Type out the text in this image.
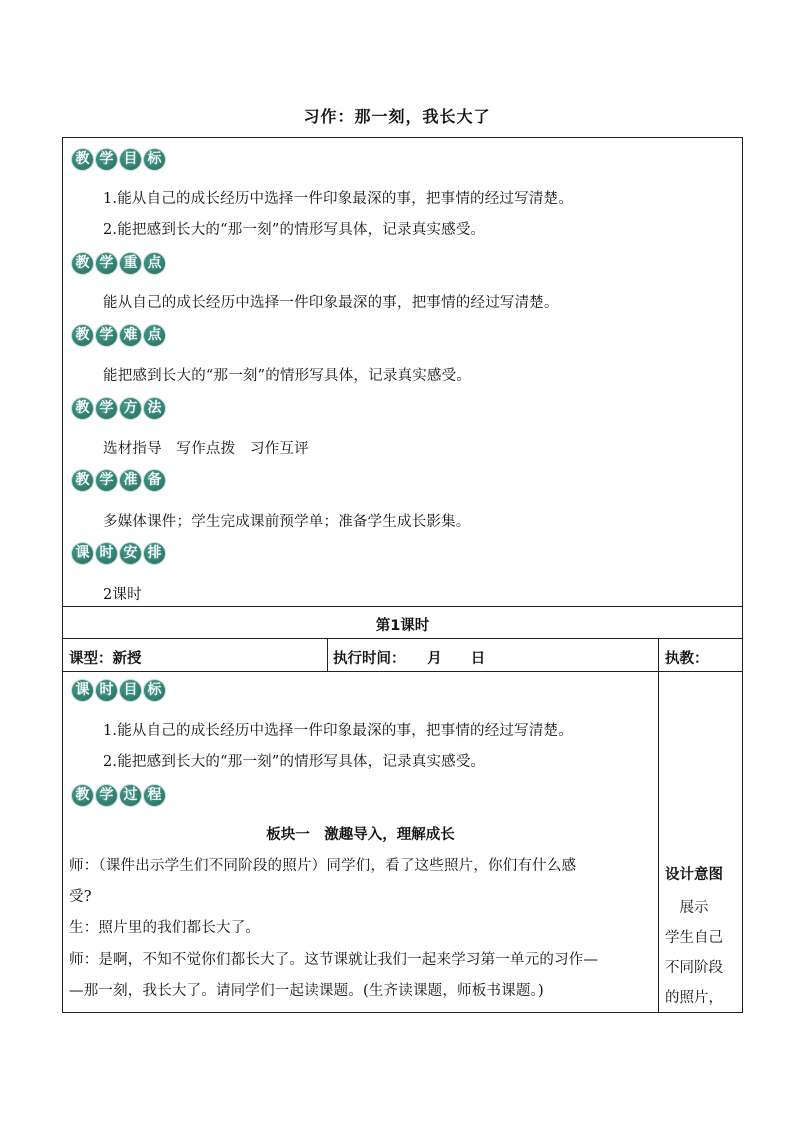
习作：那一刻，我长大了
教 学 目 标
1.能从自己的成长经历中选择一件印象最深的事，把事情的经过写清楚。
2.能把感到长大的“那一刻”的情形写具体，记录真实感受。
教 学 重 点
能从自己的成长经历中选择一件印象最深的事，把事情的经过写清楚。
教 学 难 点
能把感到长大的“那一刻”的情形写具体，记录真实感受。
教 学 方 法
选材指导　写作点拨　习作互评
教 学 准 备
多媒体课件；学生完成课前预学单；准备学生成长影集。
课 时 安 排
2课时
第1课时
课型：新授	执行时间：　　月　　日	执教：
课 时 目 标
1.能从自己的成长经历中选择一件印象最深的事，把事情的经过写清楚。
2.能把感到长大的“那一刻”的情形写具体，记录真实感受。
教 学 过 程
板块一　激趣导入，理解成长
师：（课件出示学生们不同阶段的照片）同学们，看了这些照片，你们有什么感
受?
生：照片里的我们都长大了。
师：是啊，不知不觉你们都长大了。这节课就让我们一起来学习第一单元的习作—
—那一刻，我长大了。请同学们一起读课题。(生齐读课题，师板书课题。)
设计意图
　展示
学生自己
不同阶段
的照片，
